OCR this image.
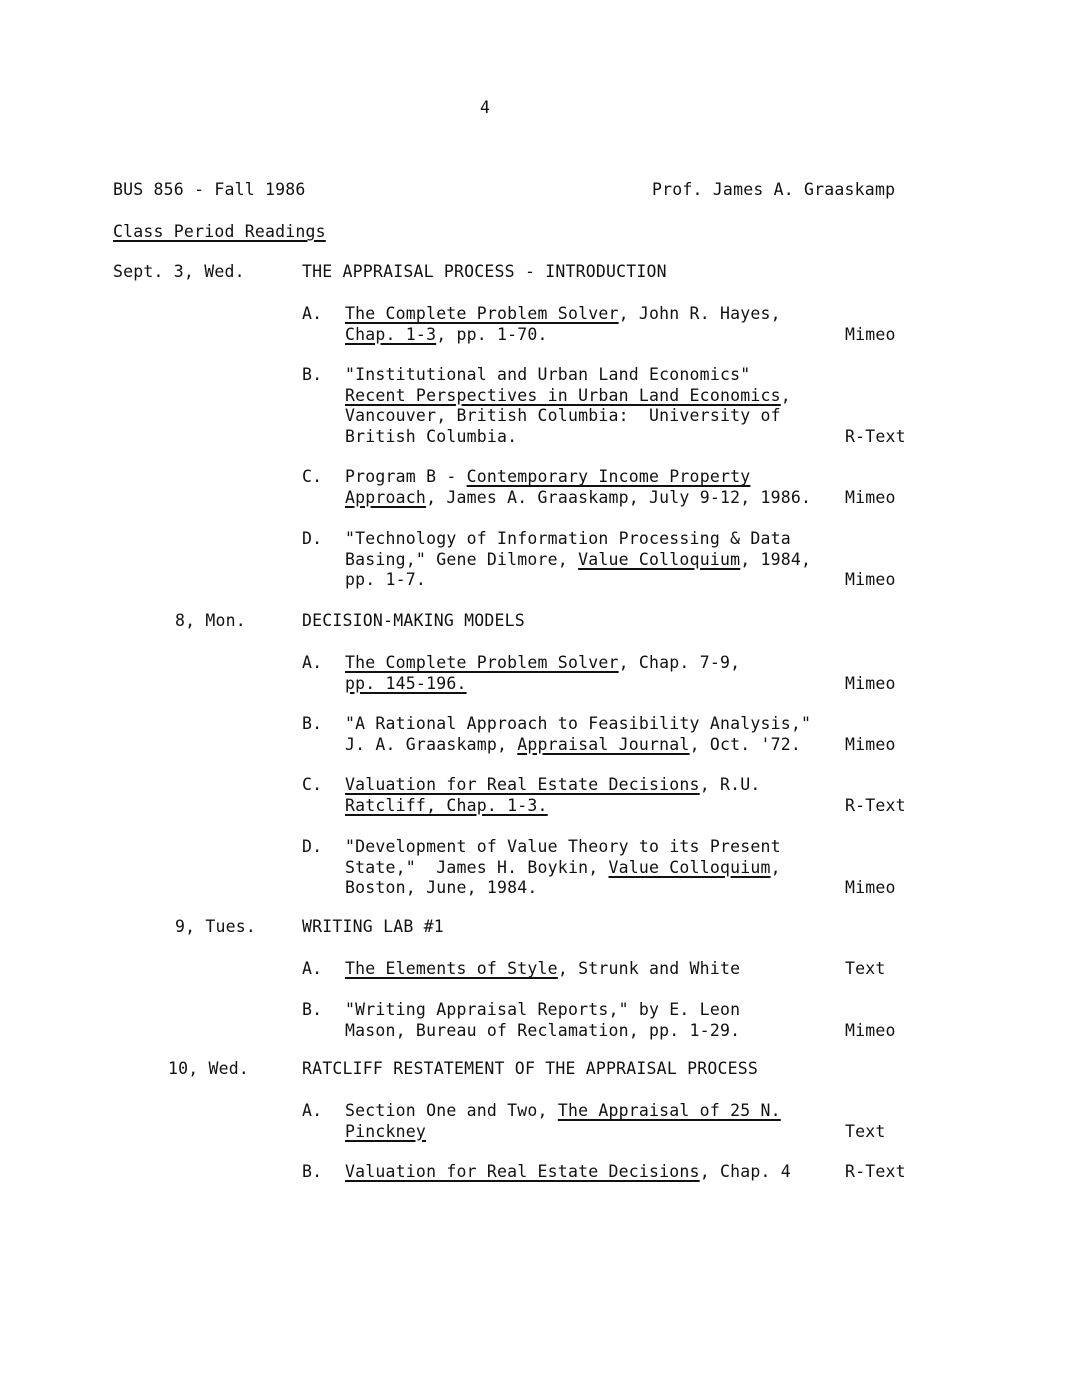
4
BUS 856 - Fall 1986	Prof. James A. Graaskamp
Class Period Readings
Sept. 3, Wed.	THE APPRAISAL PROCESS - INTRODUCTION
A. The Complete Problem Solver, John R. Hayes,
Chap. 1-3, pp. 1-70.	Mimeo
B. "Institutional and Urban Land Economics"
Recent Perspectives in Urban Land Economics,
Vancouver, British Columbia:  University of
British Columbia.	R-Text
C. Program B - Contemporary Income Property
Approach, James A. Graaskamp, July 9-12, 1986. Mimeo
D. "Technology of Information Processing & Data
Basing," Gene Dilmore, Value Colloquium, 1984,
pp. 1-7.	Mimeo
8, Mon.	DECISION-MAKING MODELS
A. The Complete Problem Solver, Chap. 7-9,
pp. 145-196.	Mimeo
B. "A Rational Approach to Feasibility Analysis,"
J. A. Graaskamp, Appraisal Journal, Oct. '72.	Mimeo
C. Valuation for Real Estate Decisions, R.U.
Ratcliff, Chap. 1-3.	R-Text
D. "Development of Value Theory to its Present
State,"  James H. Boykin, Value Colloquium,
Boston, June, 1984.	Mimeo
9, Tues.	WRITING LAB #1
A. The Elements of Style, Strunk and White	Text
B. "Writing Appraisal Reports," by E. Leon
Mason, Bureau of Reclamation, pp. 1-29.	Mimeo
10, Wed.	RATCLIFF RESTATEMENT OF THE APPRAISAL PROCESS
A. Section One and Two, The Appraisal of 25 N.
Pinckney	Text
B. Valuation for Real Estate Decisions, Chap. 4	R-Text
